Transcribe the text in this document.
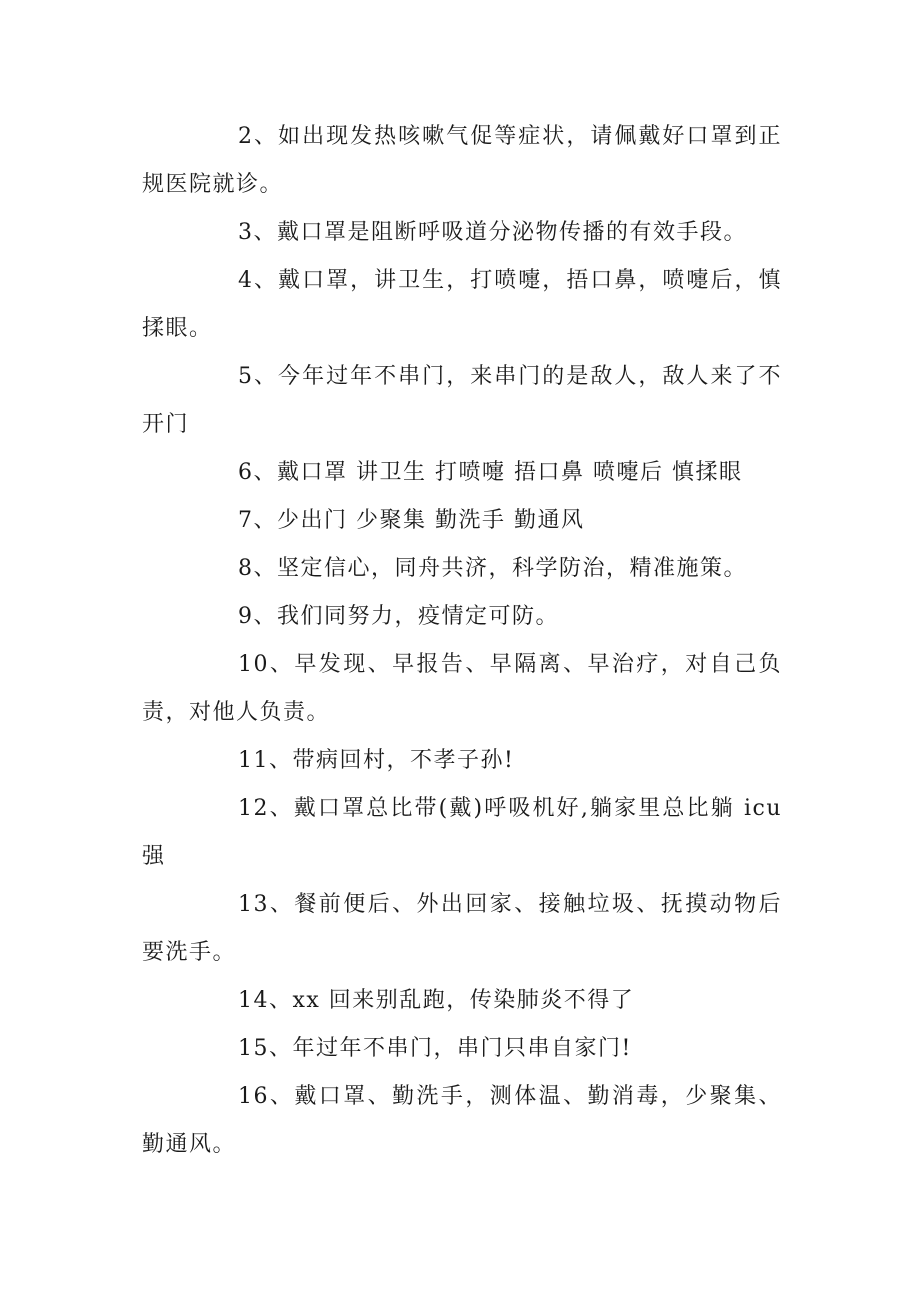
2、如出现发热咳嗽气促等症状，请佩戴好口罩到正规医院就诊。

3、戴口罩是阻断呼吸道分泌物传播的有效手段。

4、戴口罩，讲卫生，打喷嚏，捂口鼻，喷嚏后，慎揉眼。

5、今年过年不串门，来串门的是敌人，敌人来了不开门

6、戴口罩 讲卫生 打喷嚏 捂口鼻 喷嚏后 慎揉眼

7、少出门 少聚集 勤洗手 勤通风

8、坚定信心，同舟共济，科学防治，精准施策。

9、我们同努力，疫情定可防。

10、早发现、早报告、早隔离、早治疗，对自己负责，对他人负责。

11、带病回村，不孝子孙!

12、戴口罩总比带(戴)呼吸机好,躺家里总比躺 icu 强

13、餐前便后、外出回家、接触垃圾、抚摸动物后要洗手。

14、xx 回来别乱跑，传染肺炎不得了

15、年过年不串门，串门只串自家门!

16、戴口罩、勤洗手，测体温、勤消毒，少聚集、勤通风。
